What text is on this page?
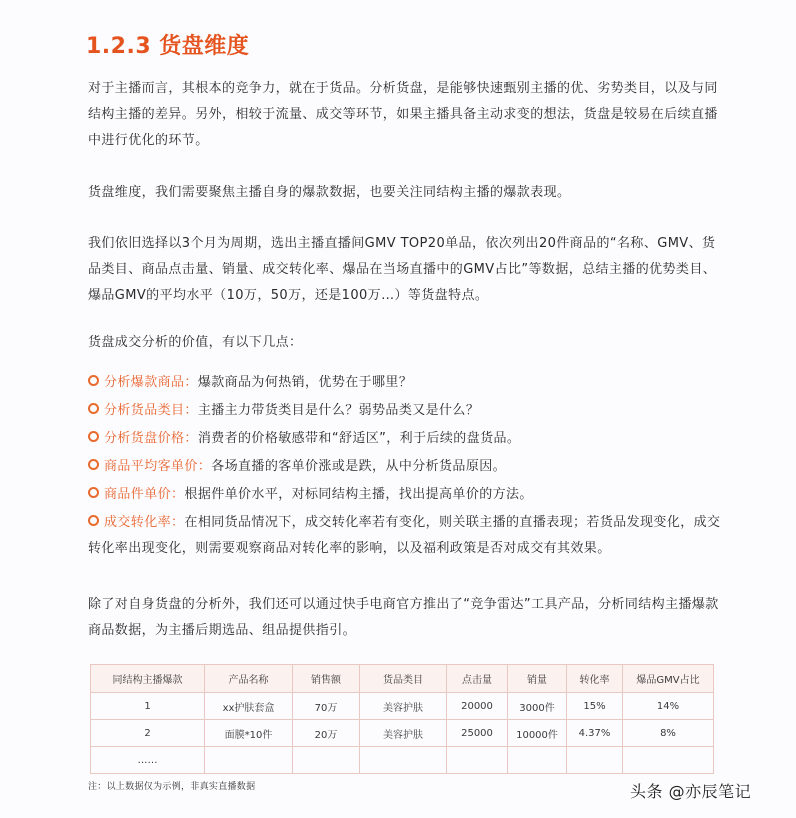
1.2.3 货盘维度
对于主播而言，其根本的竞争力，就在于货品。分析货盘，是能够快速甄别主播的优、劣势类目，以及与同结构主播的差异。另外，相较于流量、成交等环节，如果主播具备主动求变的想法，货盘是较易在后续直播中进行优化的环节。
货盘维度，我们需要聚焦主播自身的爆款数据，也要关注同结构主播的爆款表现。
我们依旧选择以3个月为周期，选出主播直播间GMV TOP20单品，依次列出20件商品的“名称、GMV、货品类目、商品点击量、销量、成交转化率、爆品在当场直播中的GMV占比”等数据，总结主播的优势类目、爆品GMV的平均水平（10万，50万，还是100万…）等货盘特点。
货盘成交分析的价值，有以下几点：
分析爆款商品：爆款商品为何热销，优势在于哪里？
分析货品类目：主播主力带货类目是什么？弱势品类又是什么？
分析货盘价格：消费者的价格敏感带和“舒适区”，利于后续的盘货品。
商品平均客单价：各场直播的客单价涨或是跌，从中分析货品原因。
商品件单价：根据件单价水平，对标同结构主播，找出提高单价的方法。
成交转化率：在相同货品情况下，成交转化率若有变化，则关联主播的直播表现；若货品发现变化，成交转化率出现变化，则需要观察商品对转化率的影响，以及福利政策是否对成交有其效果。
除了对自身货盘的分析外，我们还可以通过快手电商官方推出了“竞争雷达”工具产品，分析同结构主播爆款商品数据，为主播后期选品、组品提供指引。
同结构主播爆款	产品名称	销售额	货品类目	点击量	销量	转化率	爆品GMV占比
1	xx护肤套盒	70万	美容护肤	20000	3000件	15%	14%
2	面膜*10件	20万	美容护肤	25000	10000件	4.37%	8%
……							
注：以上数据仅为示例，非真实直播数据	头条 @亦辰笔记
